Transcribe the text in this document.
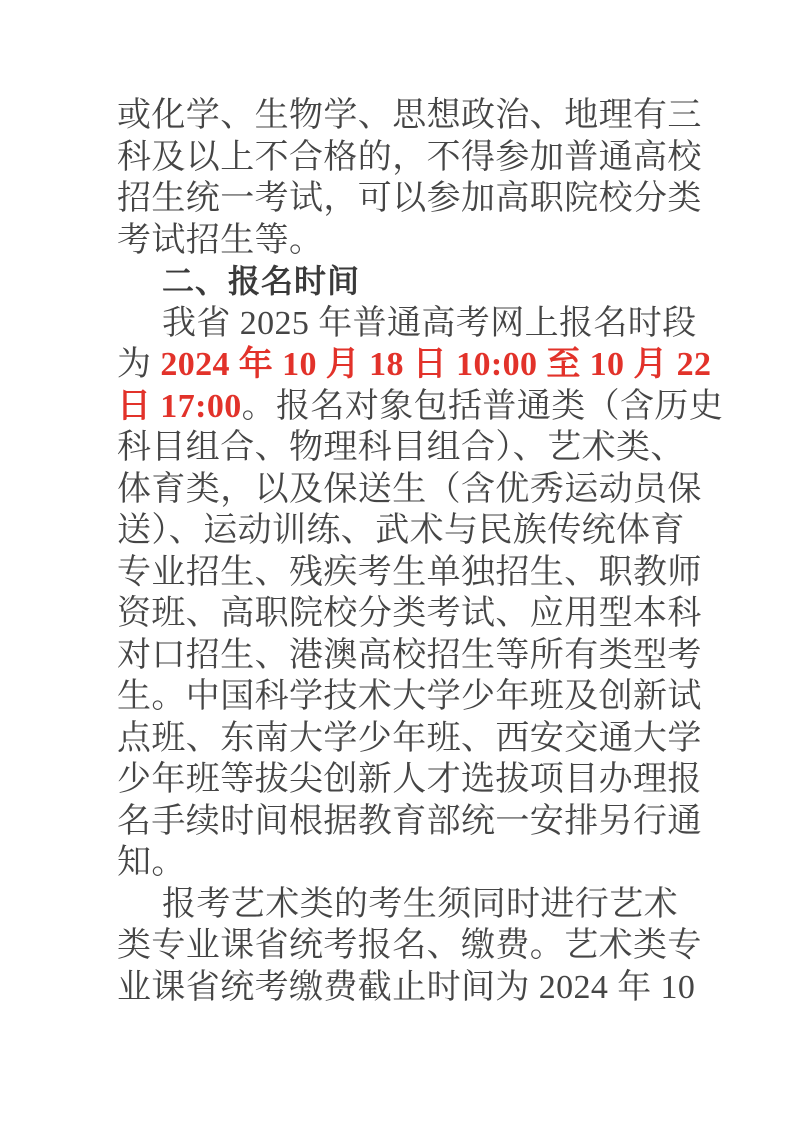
或化学、生物学、思想政治、地理有三
科及以上不合格的，不得参加普通高校
招生统一考试，可以参加高职院校分类
考试招生等。
二、报名时间
我省 2025 年普通高考网上报名时段
为 2024 年 10 月 18 日 10:00 至 10 月 22
日 17:00。报名对象包括普通类（含历史
科目组合、物理科目组合）、艺术类、
体育类，以及保送生（含优秀运动员保
送）、运动训练、武术与民族传统体育
专业招生、残疾考生单独招生、职教师
资班、高职院校分类考试、应用型本科
对口招生、港澳高校招生等所有类型考
生。中国科学技术大学少年班及创新试
点班、东南大学少年班、西安交通大学
少年班等拔尖创新人才选拔项目办理报
名手续时间根据教育部统一安排另行通
知。
报考艺术类的考生须同时进行艺术
类专业课省统考报名、缴费。艺术类专
业课省统考缴费截止时间为 2024 年 10
